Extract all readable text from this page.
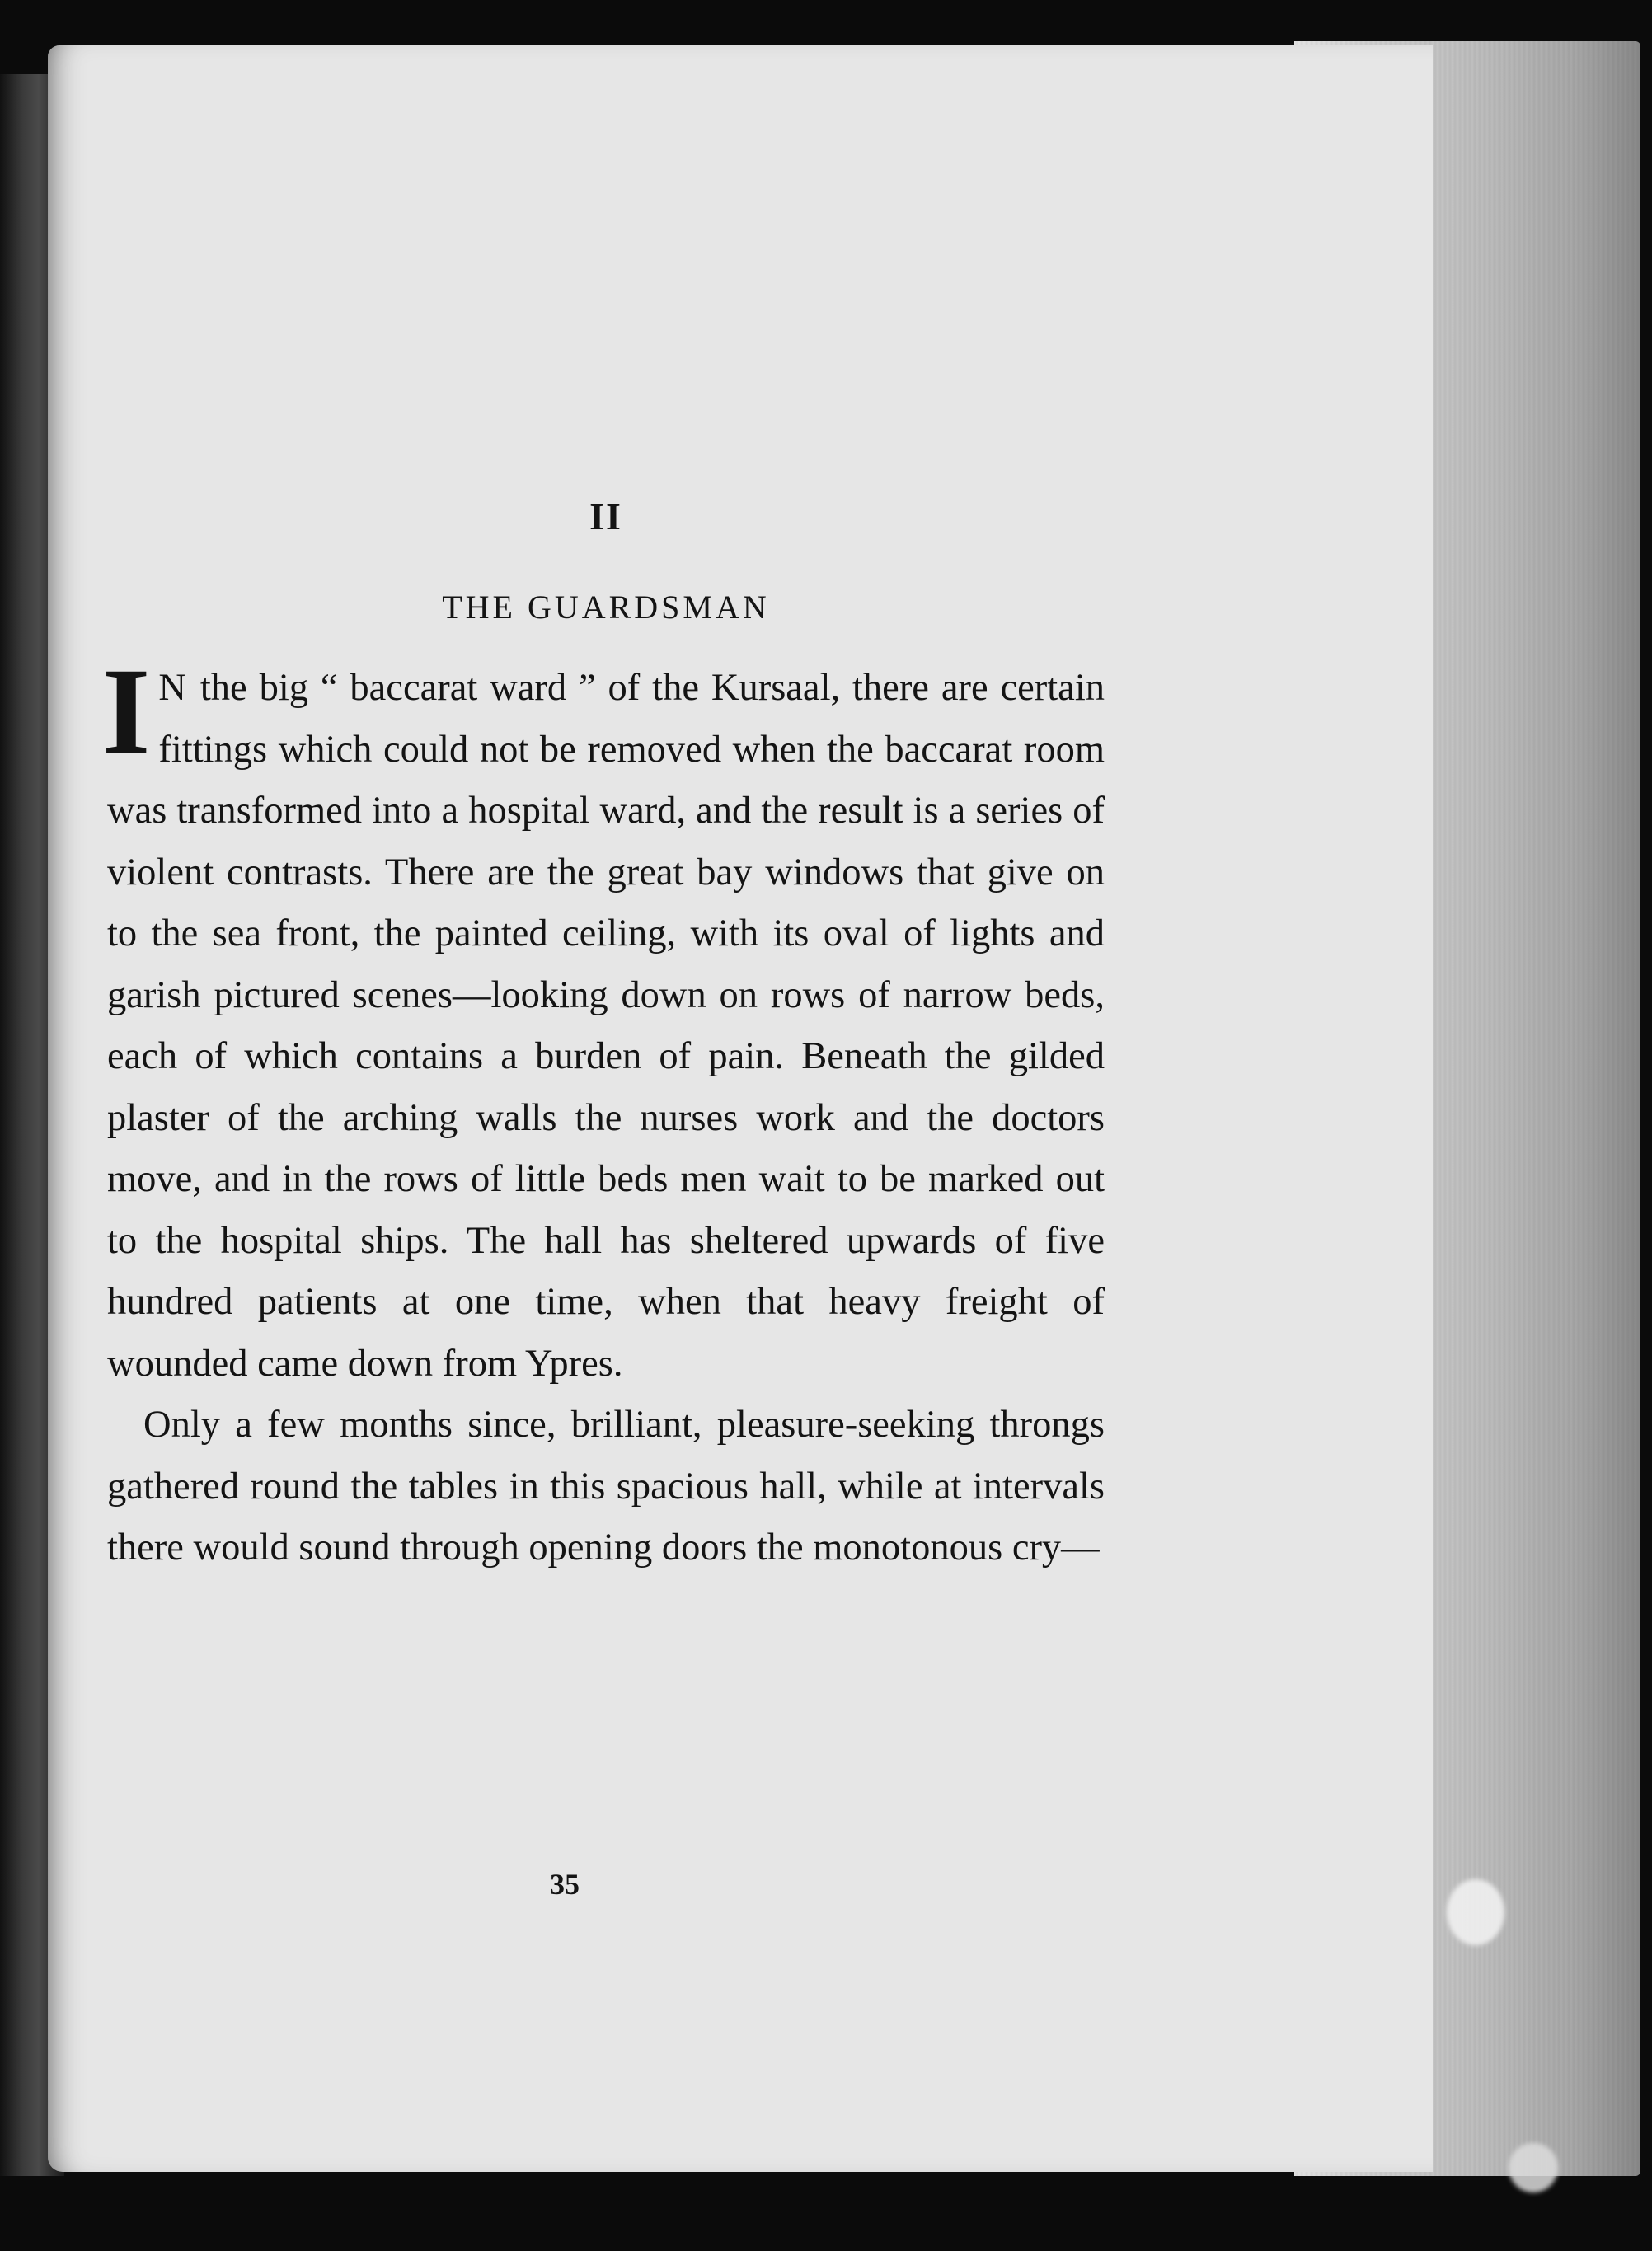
II
THE GUARDSMAN

I N the big “ baccarat ward ” of the Kursaal, there are certain fittings which could not be removed when the baccarat room was transformed into a hospital ward, and the result is a series of violent contrasts. There are the great bay windows that give on to the sea front, the painted ceiling, with its oval of lights and garish pictured scenes—looking down on rows of narrow beds, each of which contains a burden of pain. Beneath the gilded plaster of the arching walls the nurses work and the doctors move, and in the rows of little beds men wait to be marked out to the hospital ships. The hall has sheltered upwards of five hundred patients at one time, when that heavy freight of wounded came down from Ypres.

Only a few months since, brilliant, pleasure-seeking throngs gathered round the tables in this spacious hall, while at intervals there would sound through opening doors the monotonous cry—

35
